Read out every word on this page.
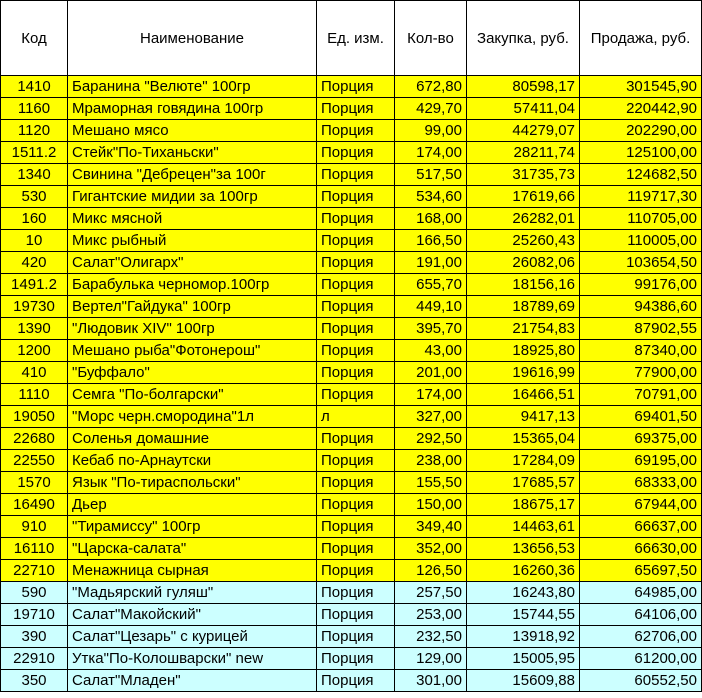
Код	Наименование	Ед. изм.	Кол-во	Закупка, руб.	Продажа, руб.
1410	Баранина "Велюте" 100гр	Порция	672,80	80598,17	301545,90
1160	Мраморная говядина 100гр	Порция	429,70	57411,04	220442,90
1120	Мешано мясо	Порция	99,00	44279,07	202290,00
1511.2	Стейк"По-Тиханьски"	Порция	174,00	28211,74	125100,00
1340	Свинина "Дебрецен"за 100г	Порция	517,50	31735,73	124682,50
530	Гигантские мидии за 100гр	Порция	534,60	17619,66	119717,30
160	Микс мясной	Порция	168,00	26282,01	110705,00
10	Микс рыбный	Порция	166,50	25260,43	110005,00
420	Салат"Олигарх"	Порция	191,00	26082,06	103654,50
1491.2	Барабулька черномор.100гр	Порция	655,70	18156,16	99176,00
19730	Вертел"Гайдука" 100гр	Порция	449,10	18789,69	94386,60
1390	"Людовик XIV" 100гр	Порция	395,70	21754,83	87902,55
1200	Мешано рыба"Фотонерош"	Порция	43,00	18925,80	87340,00
410	"Буффало"	Порция	201,00	19616,99	77900,00
1110	Семга "По-болгарски"	Порция	174,00	16466,51	70791,00
19050	"Морс черн.смородина"1л	л	327,00	9417,13	69401,50
22680	Соленья домашние	Порция	292,50	15365,04	69375,00
22550	Кебаб по-Арнаутски	Порция	238,00	17284,09	69195,00
1570	Язык "По-тираспольски"	Порция	155,50	17685,57	68333,00
16490	Дьер	Порция	150,00	18675,17	67944,00
910	"Тирамиссу" 100гр	Порция	349,40	14463,61	66637,00
16110	"Царска-салата"	Порция	352,00	13656,53	66630,00
22710	Менажница сырная	Порция	126,50	16260,36	65697,50
590	"Мадьярский гуляш"	Порция	257,50	16243,80	64985,00
19710	Салат"Макойский"	Порция	253,00	15744,55	64106,00
390	Салат"Цезарь" с курицей	Порция	232,50	13918,92	62706,00
22910	Утка"По-Колошварски" new	Порция	129,00	15005,95	61200,00
350	Салат"Младен"	Порция	301,00	15609,88	60552,50
